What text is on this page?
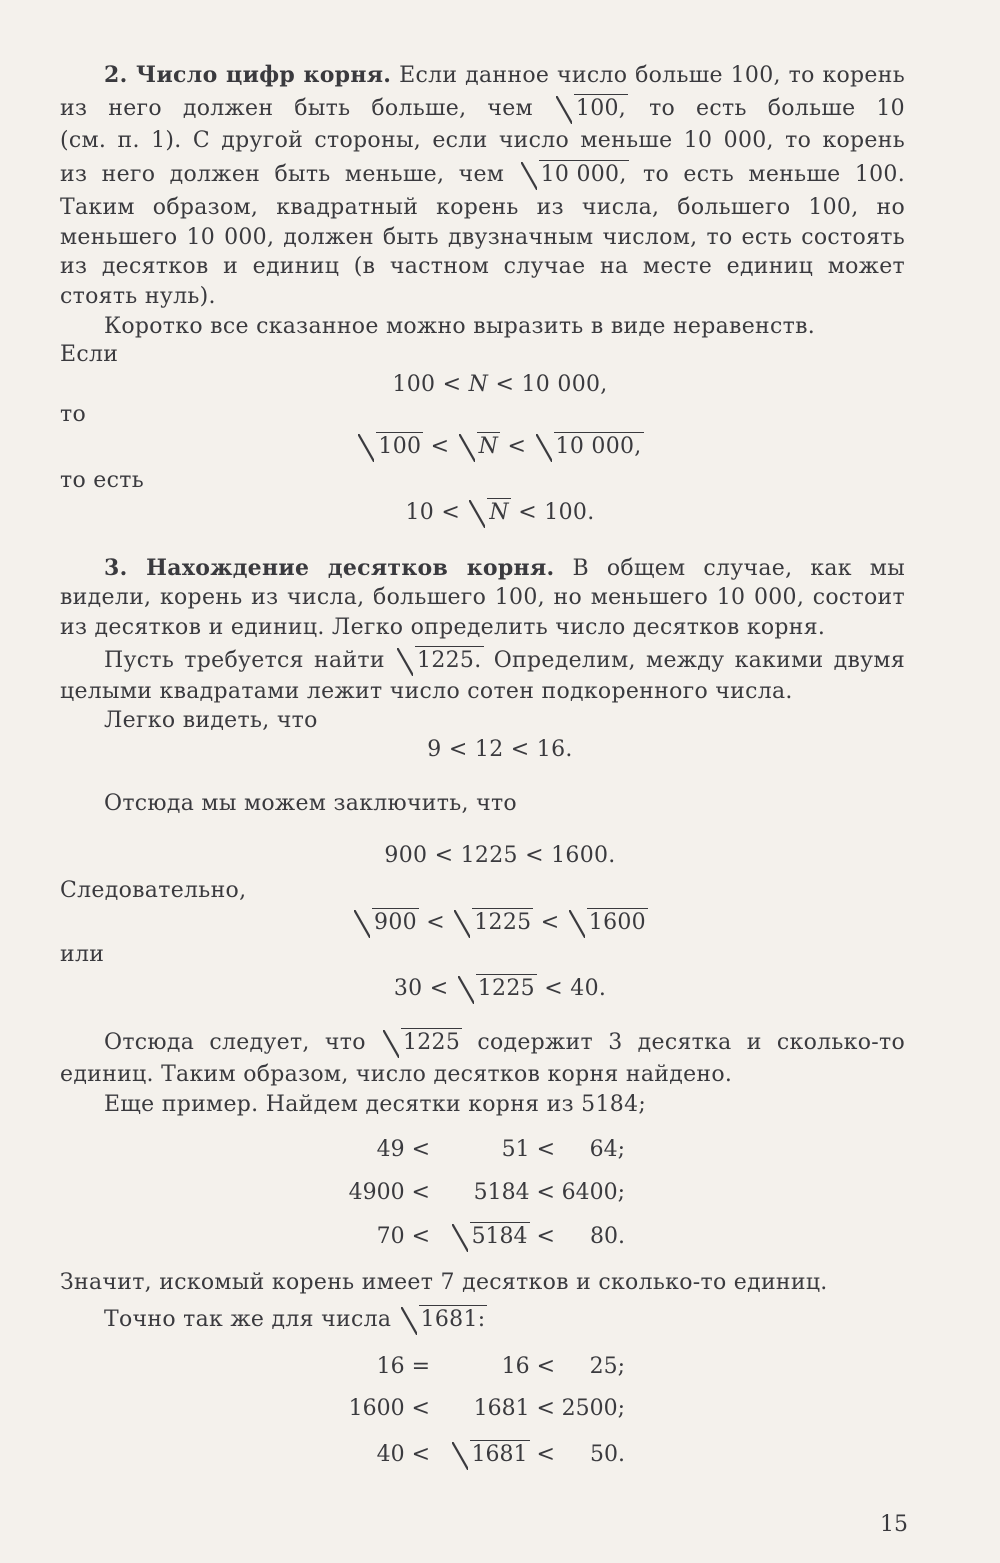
2. Число цифр корня. Если данное число больше 100, то корень
из него должен быть больше, чем 100, то есть больше 10
(см. п. 1). С другой стороны, если число меньше 10 000, то корень
из него должен быть меньше, чем 10 000, то есть меньше 100.
Таким образом, квадратный корень из числа, большего 100, но
меньшего 10 000, должен быть двузначным числом, то есть состоять
из десятков и единиц (в частном случае на месте единиц может
стоять нуль).
Коротко все сказанное можно выразить в виде неравенств.
Если
100 < N < 10 000,
то
100 < N < 10 000,
то есть
10 < N < 100.
3. Нахождение десятков корня. В общем случае, как мы
видели, корень из числа, большего 100, но меньшего 10 000, состоит
из десятков и единиц. Легко определить число десятков корня.
Пусть требуется найти 1225. Определим, между какими двумя
целыми квадратами лежит число сотен подкоренного числа.
Легко видеть, что
9 < 12 < 16.
Отсюда мы можем заключить, что
900 < 1225 < 1600.
Следовательно,
900 < 1225 < 1600
или
30 < 1225 < 40.
Отсюда следует, что 1225 содержит 3 десятка и сколько-то
единиц. Таким образом, число десятков корня найдено.
Еще пример. Найдем десятки корня из 5184;
49 <	51 <	64;
4900 <	5184 < 6400;
70 <	5184 <	80.
Значит, искомый корень имеет 7 десятков и сколько-то единиц.
Точно так же для числа 1681:
16 =	16 <	25;
1600 <	1681 < 2500;
40 <	1681 <	50.
15
